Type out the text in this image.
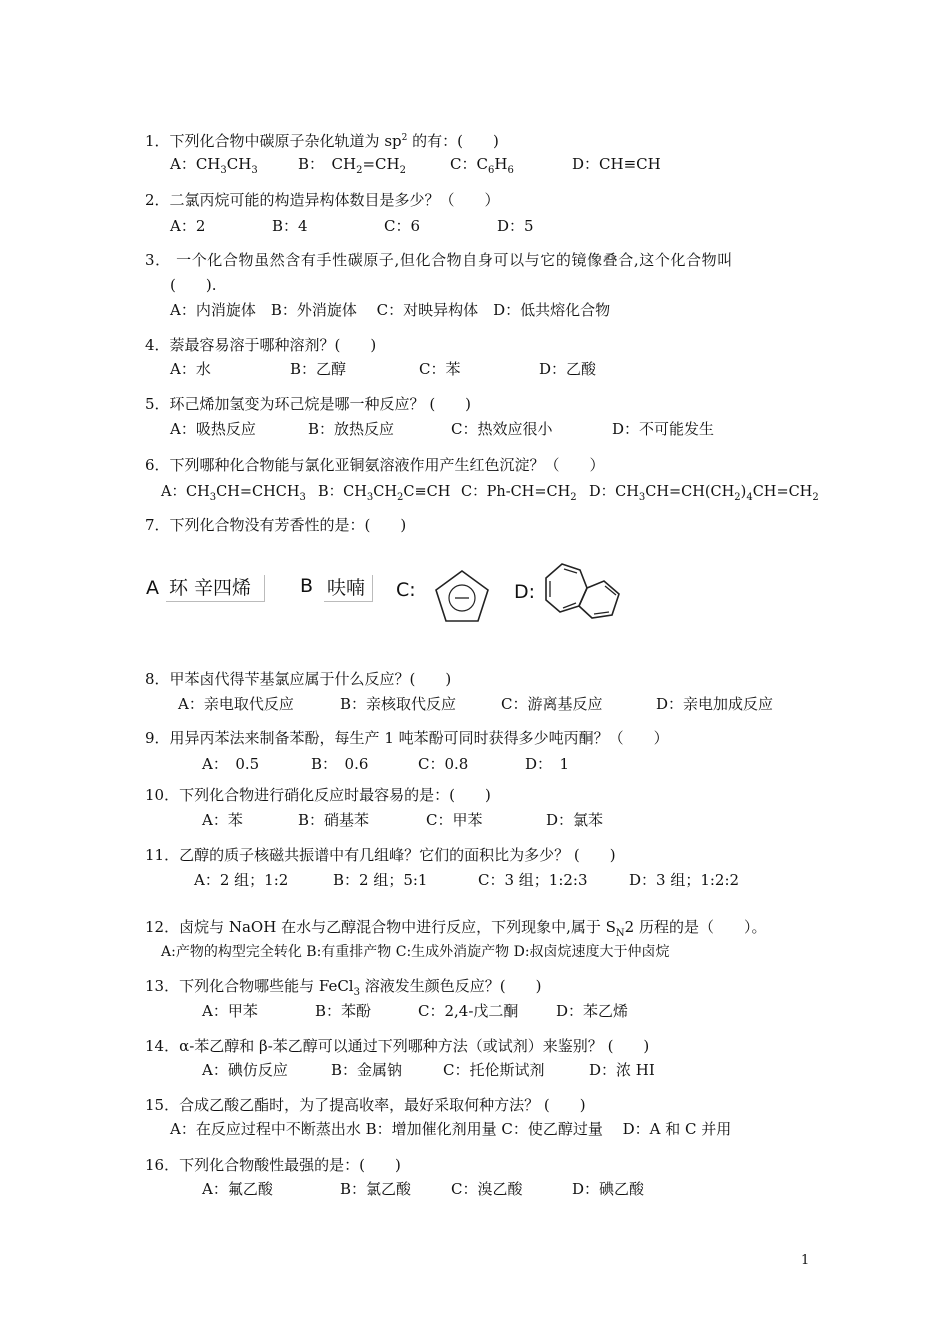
1．下列化合物中碳原子杂化轨道为 $sp^2$ 的有：(　　)
A：$CH_3CH_3$	B：　$CH_2=CH_2$	C：$C_6H_6$	D：CH≡CH
2．二氯丙烷可能的构造异构体数目是多少？（　　）
A：2	B：4	C：6	D：5
3． 一个化合物虽然含有手性碳原子,但化合物自身可以与它的镜像叠合,这个化合物叫
(　　).
A：内消旋体　B：外消旋体　 C：对映异构体　D：低共熔化合物
4．萘最容易溶于哪种溶剂？(　　)
A：水	B：乙醇	C：苯	D：乙酸
5．环己烯加氢变为环己烷是哪一种反应？ (　　)
A：吸热反应	B：放热反应	C：热效应很小	D：不可能发生
6．下列哪种化合物能与氯化亚铜氨溶液作用产生红色沉淀？（　　）
A：$CH_3CH=CHCH_3$ B：$CH_3CH_2C\equiv CH$ C：$Ph-CH=CH_2$ D：$CH_3CH=CH(CH_2)_4CH=CH_2$
7．下列化合物没有芳香性的是：(　　)
A 环 辛四烯	B 呋喃	C:	D:
8．甲苯卤代得苄基氯应属于什么反应？(　　)
A：亲电取代反应	B：亲核取代反应	C：游离基反应	D：亲电加成反应
9．用异丙苯法来制备苯酚，每生产 1 吨苯酚可同时获得多少吨丙酮？（　　）
A：　0.5	B：　0.6	C：0.8	D：　1
10．下列化合物进行硝化反应时最容易的是：(　　)
A：苯	B：硝基苯	C：甲苯	D：氯苯
11．乙醇的质子核磁共振谱中有几组峰？它们的面积比为多少？ (　　)
A：2 组；1:2	B：2 组；5:1	C：3 组；1:2:3	D：3 组；1:2:2
12．卤烷与 NaOH 在水与乙醇混合物中进行反应，下列现象中,属于 $S_N2$ 历程的是（　　）。
A:产物的构型完全转化 B:有重排产物 C:生成外消旋产物 D:叔卤烷速度大于仲卤烷
13．下列化合物哪些能与 FeCl$_3$ 溶液发生颜色反应？(　　)
A：甲苯	B：苯酚	C：2,4-戊二酮	D：苯乙烯
14．α-苯乙醇和 β-苯乙醇可以通过下列哪种方法（或试剂）来鉴别？ (　　)
A：碘仿反应	B：金属钠	C：托伦斯试剂	D：浓 HI
15．合成乙酸乙酯时，为了提高收率，最好采取何种方法？ (　　)
A：在反应过程中不断蒸出水 B：增加催化剂用量 C：使乙醇过量　 D：A 和 C 并用
16．下列化合物酸性最强的是：(　　)
A：氟乙酸	B：氯乙酸	C：溴乙酸	D：碘乙酸
1
